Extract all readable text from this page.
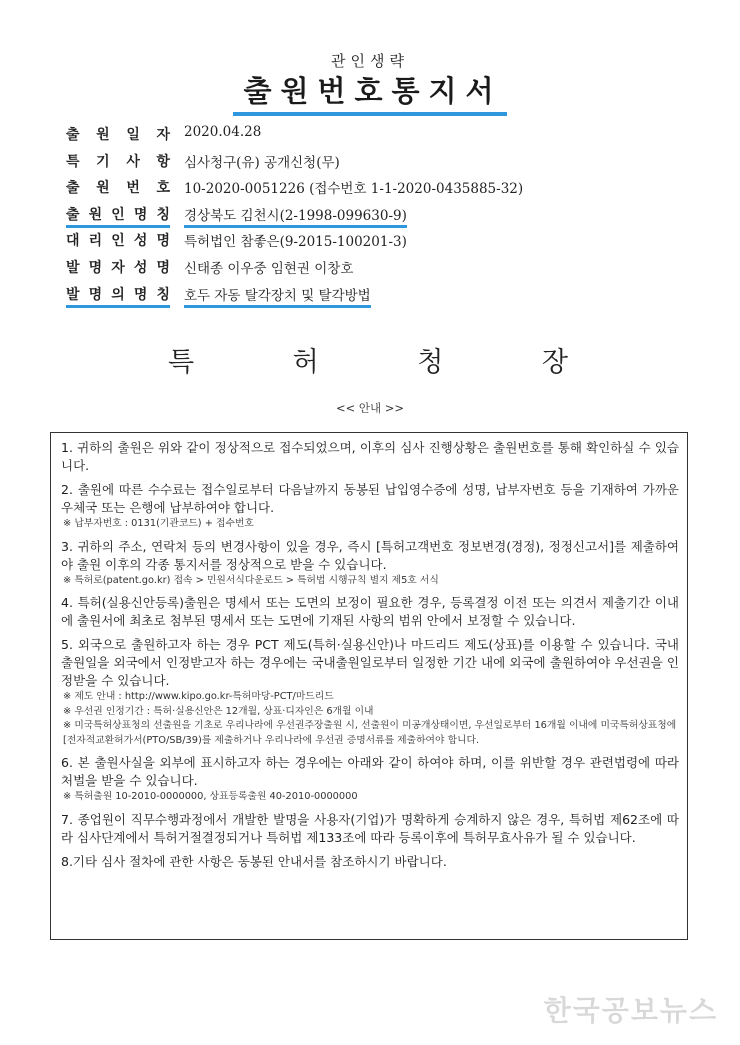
관인생략
출원번호통지서
출 원 일 자 2020.04.28
특 기 사 항 심사청구(유) 공개신청(무)
출 원 번 호 10-2020-0051226 (접수번호 1-1-2020-0435885-32)
출 원 인 명 칭 경상북도 김천시(2-1998-099630-9)
대 리 인 성 명 특허법인 참좋은(9-2015-100201-3)
발 명 자 성 명 신태종 이우중 임현권 이창호
발 명 의 명 칭 호두 자동 탈각장치 및 탈각방법
특	허	청	장
<< 안내 >>
1. 귀하의 출원은 위와 같이 정상적으로 접수되었으며, 이후의 심사 진행상황은 출원번호를 통해 확인하실 수 있습니다.
2. 출원에 따른 수수료는 접수일로부터 다음날까지 동봉된 납입영수증에 성명, 납부자번호 등을 기재하여 가까운 우체국 또는 은행에 납부하여야 합니다.
※ 납부자번호 : 0131(기관코드) + 접수번호
3. 귀하의 주소, 연락처 등의 변경사항이 있을 경우, 즉시 [특허고객번호 정보변경(경정), 정정신고서]를 제출하여야 출원 이후의 각종 통지서를 정상적으로 받을 수 있습니다.
※ 특허로(patent.go.kr) 접속 > 민원서식다운로드 > 특허법 시행규칙 별지 제5호 서식
4. 특허(실용신안등록)출원은 명세서 또는 도면의 보정이 필요한 경우, 등록결정 이전 또는 의견서 제출기간 이내에 출원서에 최초로 첨부된 명세서 또는 도면에 기재된 사항의 범위 안에서 보정할 수 있습니다.
5. 외국으로 출원하고자 하는 경우 PCT 제도(특허·실용신안)나 마드리드 제도(상표)를 이용할 수 있습니다. 국내출원일을 외국에서 인정받고자 하는 경우에는 국내출원일로부터 일정한 기간 내에 외국에 출원하여야 우선권을 인정받을 수 있습니다.
※ 제도 안내 : http://www.kipo.go.kr-특허마당-PCT/마드리드
※ 우선권 인정기간 : 특허·실용신안은 12개월, 상표·디자인은 6개월 이내
※ 미국특허상표청의 선출원을 기초로 우리나라에 우선권주장출원 시, 선출원이 미공개상태이면, 우선일로부터 16개월 이내에 미국특허상표청에 [전자적교환허가서(PTO/SB/39)를 제출하거나 우리나라에 우선권 증명서류를 제출하여야 합니다.
6. 본 출원사실을 외부에 표시하고자 하는 경우에는 아래와 같이 하여야 하며, 이를 위반할 경우 관련법령에 따라 처벌을 받을 수 있습니다.
※ 특허출원 10-2010-0000000, 상표등록출원 40-2010-0000000
7. 종업원이 직무수행과정에서 개발한 발명을 사용자(기업)가 명확하게 승계하지 않은 경우, 특허법 제62조에 따라 심사단계에서 특허거절결정되거나 특허법 제133조에 따라 등록이후에 특허무효사유가 될 수 있습니다.
8.기타 심사 절차에 관한 사항은 동봉된 안내서를 참조하시기 바랍니다.
한국공보뉴스
